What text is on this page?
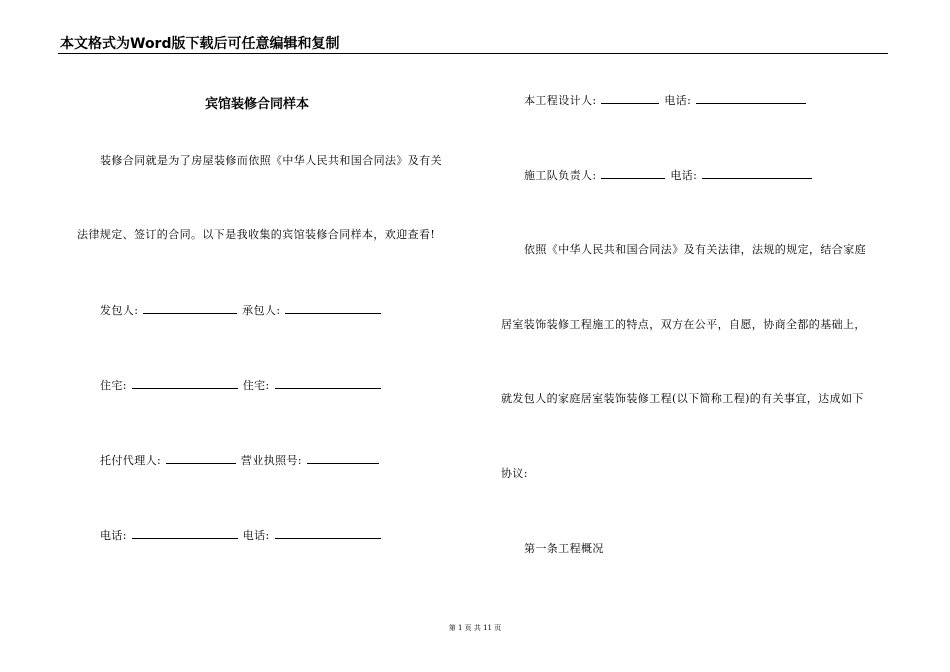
本文格式为Word版下载后可任意编辑和复制
宾馆装修合同样本
装修合同就是为了房屋装修而依照《中华人民共和国合同法》及有关
法律规定、签订的合同。以下是我收集的宾馆装修合同样本，欢迎查看!
发包人:	承包人:
住宅:	住宅:
托付代理人:	营业执照号:
电话:	电话:
本工程设计人:	电话:
施工队负责人:	电话:
依照《中华人民共和国合同法》及有关法律，法规的规定，结合家庭
居室装饰装修工程施工的特点，双方在公平，自愿，协商全都的基础上，
就发包人的家庭居室装饰装修工程(以下简称工程)的有关事宜，达成如下
协议:
第一条工程概况
第 1 页 共 11 页
